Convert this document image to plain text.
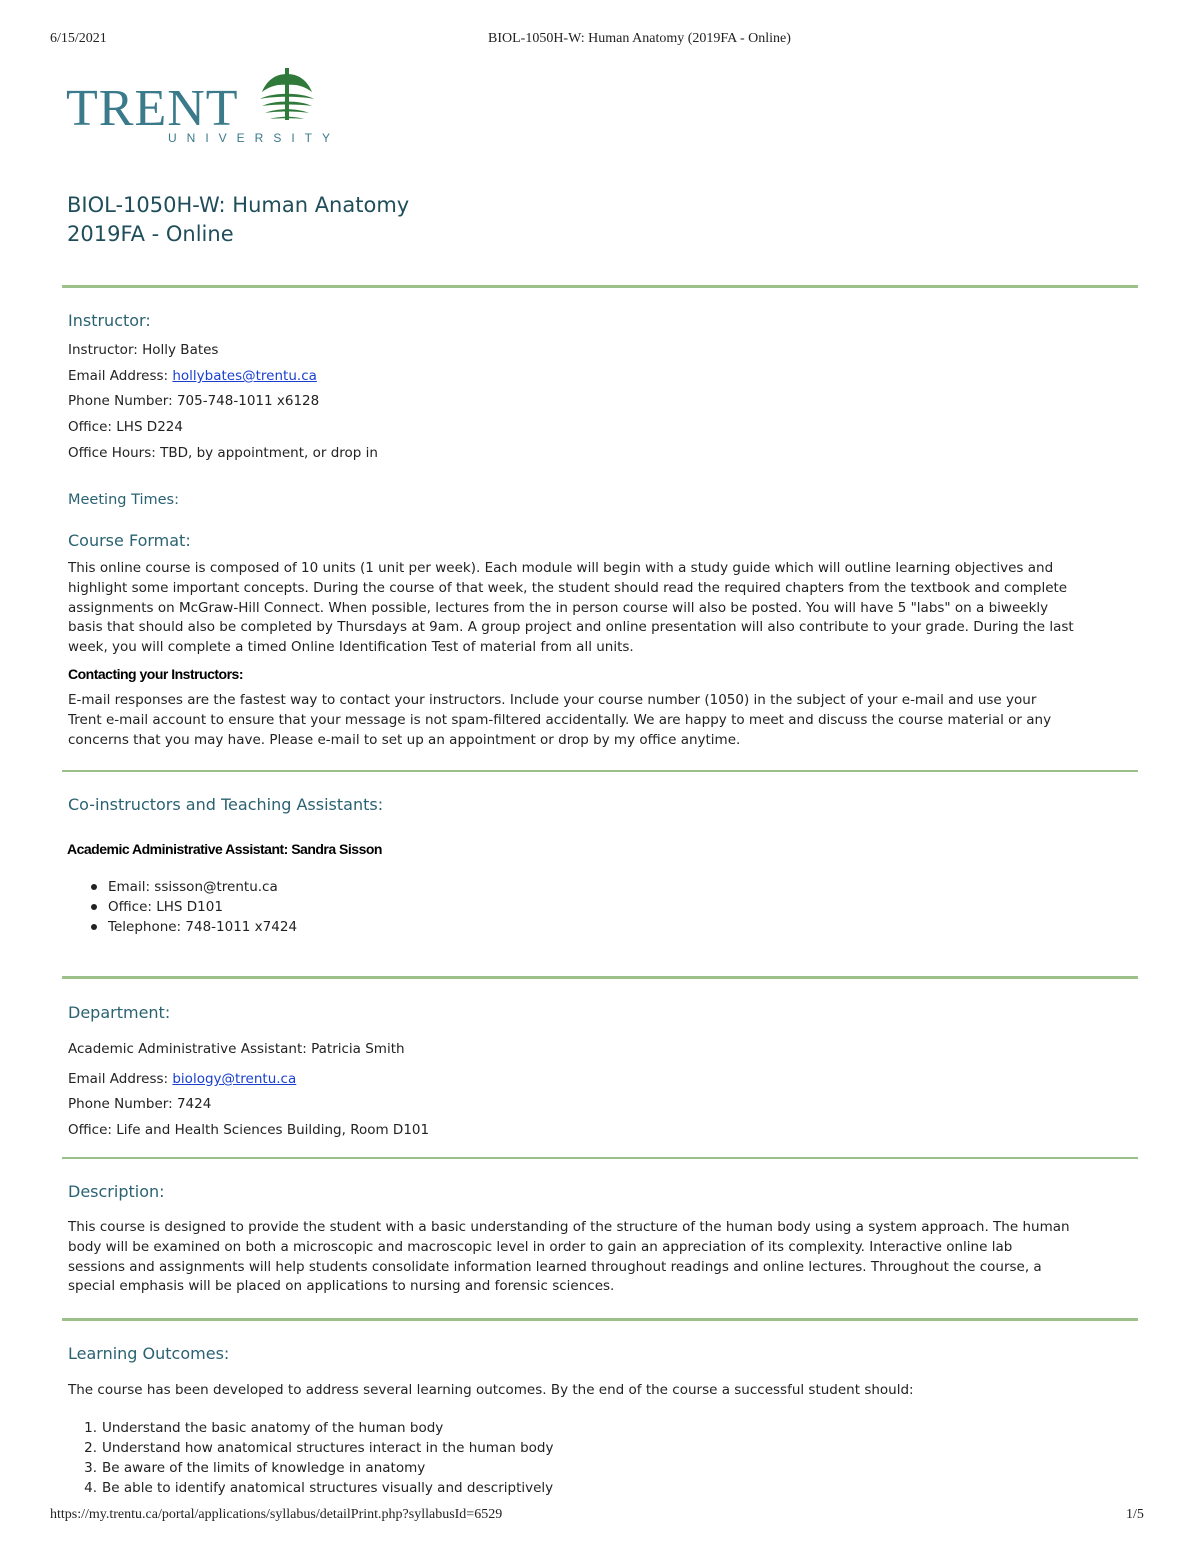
6/15/2021	BIOL-1050H-W: Human Anatomy (2019FA - Online)
TRENT
UNIVERSITY
BIOL-1050H-W: Human Anatomy
2019FA - Online
Instructor:
Instructor: Holly Bates
Email Address: hollybates@trentu.ca
Phone Number: 705-748-1011 x6128
Office: LHS D224
Office Hours: TBD, by appointment, or drop in
Meeting Times:
Course Format:
This online course is composed of 10 units (1 unit per week). Each module will begin with a study guide which will outline learning objectives and
highlight some important concepts. During the course of that week, the student should read the required chapters from the textbook and complete
assignments on McGraw-Hill Connect. When possible, lectures from the in person course will also be posted. You will have 5 "labs" on a biweekly
basis that should also be completed by Thursdays at 9am. A group project and online presentation will also contribute to your grade. During the last
week, you will complete a timed Online Identification Test of material from all units.
Contacting your Instructors:
E-mail responses are the fastest way to contact your instructors. Include your course number (1050) in the subject of your e-mail and use your
Trent e-mail account to ensure that your message is not spam-filtered accidentally. We are happy to meet and discuss the course material or any
concerns that you may have. Please e-mail to set up an appointment or drop by my office anytime.
Co-instructors and Teaching Assistants:
Academic Administrative Assistant: Sandra Sisson
Email: ssisson@trentu.ca
Office: LHS D101
Telephone: 748-1011 x7424
Department:
Academic Administrative Assistant: Patricia Smith
Email Address: biology@trentu.ca
Phone Number: 7424
Office: Life and Health Sciences Building, Room D101
Description:
This course is designed to provide the student with a basic understanding of the structure of the human body using a system approach. The human
body will be examined on both a microscopic and macroscopic level in order to gain an appreciation of its complexity. Interactive online lab
sessions and assignments will help students consolidate information learned throughout readings and online lectures. Throughout the course, a
special emphasis will be placed on applications to nursing and forensic sciences.
Learning Outcomes:
The course has been developed to address several learning outcomes. By the end of the course a successful student should:
1. Understand the basic anatomy of the human body
2. Understand how anatomical structures interact in the human body
3. Be aware of the limits of knowledge in anatomy
4. Be able to identify anatomical structures visually and descriptively
https://my.trentu.ca/portal/applications/syllabus/detailPrint.php?syllabusId=6529	1/5
